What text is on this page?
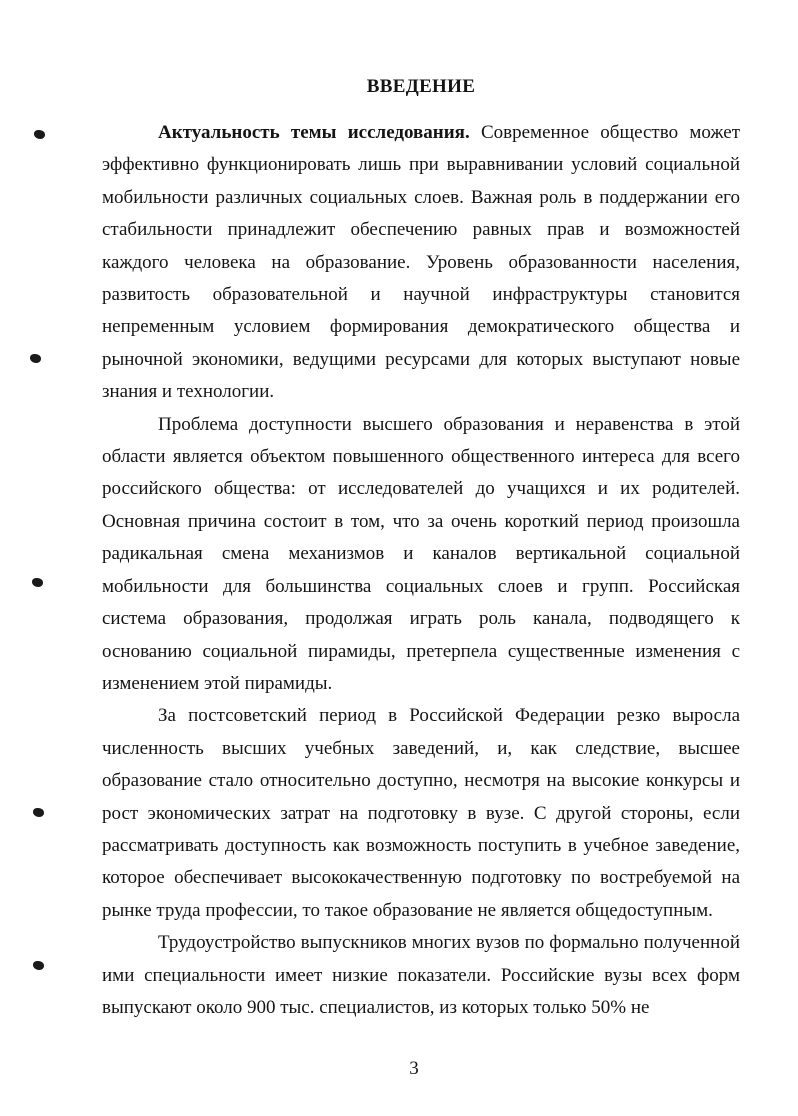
ВВЕДЕНИЕ

Актуальность темы исследования. Современное общество может эффективно функционировать лишь при выравнивании условий социальной мобильности различных социальных слоев. Важная роль в поддержании его стабильности принадлежит обеспечению равных прав и возможностей каждого человека на образование. Уровень образованности населения, развитость образовательной и научной инфраструктуры становится непременным условием формирования демократического общества и рыночной экономики, ведущими ресурсами для которых выступают новые знания и технологии.

Проблема доступности высшего образования и неравенства в этой области является объектом повышенного общественного интереса для всего российского общества: от исследователей до учащихся и их родителей. Основная причина состоит в том, что за очень короткий период произошла радикальная смена механизмов и каналов вертикальной социальной мобильности для большинства социальных слоев и групп. Российская система образования, продолжая играть роль канала, подводящего к основанию социальной пирамиды, претерпела существенные изменения с изменением этой пирамиды.

За постсоветский период в Российской Федерации резко выросла численность высших учебных заведений, и, как следствие, высшее образование стало относительно доступно, несмотря на высокие конкурсы и рост экономических затрат на подготовку в вузе. С другой стороны, если рассматривать доступность как возможность поступить в учебное заведение, которое обеспечивает высококачественную подготовку по востребуемой на рынке труда профессии, то такое образование не является общедоступным.

Трудоустройство выпускников многих вузов по формально полученной ими специальности имеет низкие показатели. Российские вузы всех форм выпускают около 900 тыс. специалистов, из которых только 50% не

3
